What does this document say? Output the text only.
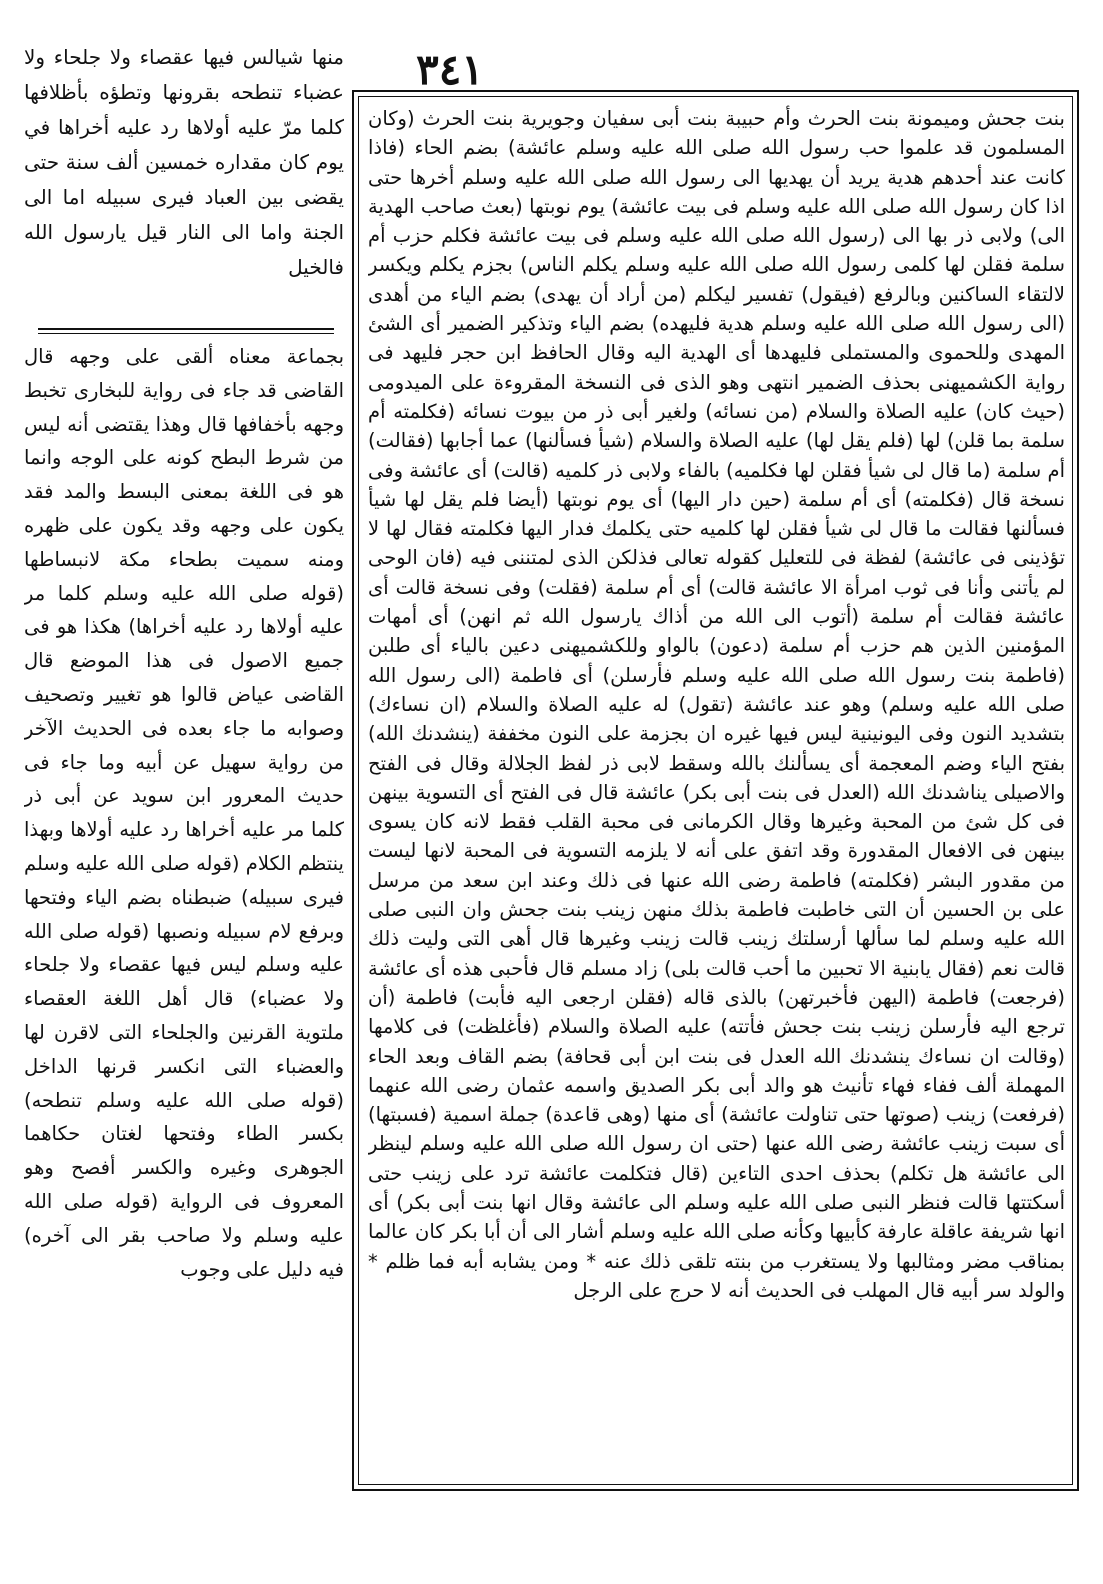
٣٤١

منها شيالس فيها عقصاء ولا جلحاء ولا عضباء تنطحه بقرونها وتطؤه بأظلافها كلما مرّ عليه أولاها رد عليه أخراها في يوم كان مقداره خمسين ألف سنة حتى يقضى بين العباد فيرى سبيله اما الى الجنة واما الى النار قيل يارسول الله فالخيل

بجماعة معناه ألقى على وجهه قال القاضى قد جاء فى رواية للبخارى تخبط وجهه بأخفافها قال وهذا يقتضى أنه ليس من شرط البطح كونه على الوجه وانما هو فى اللغة بمعنى البسط والمد فقد يكون على وجهه وقد يكون على ظهره ومنه سميت بطحاء مكة لانبساطها (قوله صلى الله عليه وسلم كلما مر عليه أولاها رد عليه أخراها) هكذا هو فى جميع الاصول فى هذا الموضع قال القاضى عياض قالوا هو تغيير وتصحيف وصوابه ما جاء بعده فى الحديث الآخر من رواية سهيل عن أبيه وما جاء فى حديث المعرور ابن سويد عن أبى ذر كلما مر عليه أخراها رد عليه أولاها وبهذا ينتظم الكلام (قوله صلى الله عليه وسلم فيرى سبيله) ضبطناه بضم الياء وفتحها وبرفع لام سبيله ونصبها (قوله صلى الله عليه وسلم ليس فيها عقصاء ولا جلحاء ولا عضباء) قال أهل اللغة العقصاء ملتوية القرنين والجلحاء التى لاقرن لها والعضباء التى انكسر قرنها الداخل (قوله صلى الله عليه وسلم تنطحه) بكسر الطاء وفتحها لغتان حكاهما الجوهرى وغيره والكسر أفصح وهو المعروف فى الرواية (قوله صلى الله عليه وسلم ولا صاحب بقر الى آخره) فيه دليل على وجوب

بنت جحش وميمونة بنت الحرث وأم حبيبة بنت أبى سفيان وجويرية بنت الحرث (وكان المسلمون قد علموا حب رسول الله صلى الله عليه وسلم عائشة) بضم الحاء (فاذا كانت عند أحدهم هدية يريد أن يهديها الى رسول الله صلى الله عليه وسلم أخرها حتى اذا كان رسول الله صلى الله عليه وسلم فى بيت عائشة) يوم نوبتها (بعث صاحب الهدية الى) ولابى ذر بها الى (رسول الله صلى الله عليه وسلم فى بيت عائشة فكلم حزب أم سلمة فقلن لها كلمى رسول الله صلى الله عليه وسلم يكلم الناس) بجزم يكلم ويكسر لالتقاء الساكنين وبالرفع (فيقول) تفسير ليكلم (من أراد أن يهدى) بضم الياء من أهدى (الى رسول الله صلى الله عليه وسلم هدية فليهده) بضم الياء وتذكير الضمير أى الشئ المهدى وللحموى والمستملى فليهدها أى الهدية اليه وقال الحافظ ابن حجر فليهد فى رواية الكشميهنى بحذف الضمير انتهى وهو الذى فى النسخة المقروءة على الميدومى (حيث كان) عليه الصلاة والسلام (من نسائه) ولغير أبى ذر من بيوت نسائه (فكلمته أم سلمة بما قلن) لها (فلم يقل لها) عليه الصلاة والسلام (شيأ فسألنها) عما أجابها (فقالت) أم سلمة (ما قال لى شيأ فقلن لها فكلميه) بالفاء ولابى ذر كلميه (قالت) أى عائشة وفى نسخة قال (فكلمته) أى أم سلمة (حين دار اليها) أى يوم نوبتها (أيضا فلم يقل لها شيأ فسألنها فقالت ما قال لى شيأ فقلن لها كلميه حتى يكلمك فدار اليها فكلمته فقال لها لا تؤذينى فى عائشة) لفظة فى للتعليل كقوله تعالى فذلكن الذى لمتننى فيه (فان الوحى لم يأتنى وأنا فى ثوب امرأة الا عائشة قالت) أى أم سلمة (فقلت) وفى نسخة قالت أى عائشة فقالت أم سلمة (أتوب الى الله من أذاك يارسول الله ثم انهن) أى أمهات المؤمنين الذين هم حزب أم سلمة (دعون) بالواو وللكشميهنى دعين بالياء أى طلبن (فاطمة بنت رسول الله صلى الله عليه وسلم فأرسلن) أى فاطمة (الى رسول الله صلى الله عليه وسلم) وهو عند عائشة (تقول) له عليه الصلاة والسلام (ان نساءك) بتشديد النون وفى اليونينية ليس فيها غيره ان بجزمة على النون مخففة (ينشدنك الله) بفتح الياء وضم المعجمة أى يسألنك بالله وسقط لابى ذر لفظ الجلالة وقال فى الفتح والاصيلى يناشدنك الله (العدل فى بنت أبى بكر) عائشة قال فى الفتح أى التسوية بينهن فى كل شئ من المحبة وغيرها وقال الكرمانى فى محبة القلب فقط لانه كان يسوى بينهن فى الافعال المقدورة وقد اتفق على أنه لا يلزمه التسوية فى المحبة لانها ليست من مقدور البشر (فكلمته) فاطمة رضى الله عنها فى ذلك وعند ابن سعد من مرسل على بن الحسين أن التى خاطبت فاطمة بذلك منهن زينب بنت جحش وان النبى صلى الله عليه وسلم لما سألها أرسلتك زينب قالت زينب وغيرها قال أهى التى وليت ذلك قالت نعم (فقال يابنية الا تحبين ما أحب قالت بلى) زاد مسلم قال فأحبى هذه أى عائشة (فرجعت) فاطمة (اليهن فأخبرتهن) بالذى قاله (فقلن ارجعى اليه فأبت) فاطمة (أن ترجع اليه فأرسلن زينب بنت جحش فأتته) عليه الصلاة والسلام (فأغلظت) فى كلامها (وقالت ان نساءك ينشدنك الله العدل فى بنت ابن أبى قحافة) بضم القاف وبعد الحاء المهملة ألف ففاء فهاء تأنيث هو والد أبى بكر الصديق واسمه عثمان رضى الله عنهما (فرفعت) زينب (صوتها حتى تناولت عائشة) أى منها (وهى قاعدة) جملة اسمية (فسبتها) أى سبت زينب عائشة رضى الله عنها (حتى ان رسول الله صلى الله عليه وسلم لينظر الى عائشة هل تكلم) بحذف احدى التاءين (قال فتكلمت عائشة ترد على زينب حتى أسكتتها قالت فنظر النبى صلى الله عليه وسلم الى عائشة وقال انها بنت أبى بكر) أى انها شريفة عاقلة عارفة كأبيها وكأنه صلى الله عليه وسلم أشار الى أن أبا بكر كان عالما بمناقب مضر ومثالبها ولا يستغرب من بنته تلقى ذلك عنه * ومن يشابه أبه فما ظلم * والولد سر أبيه قال المهلب فى الحديث أنه لا حرج على الرجل
